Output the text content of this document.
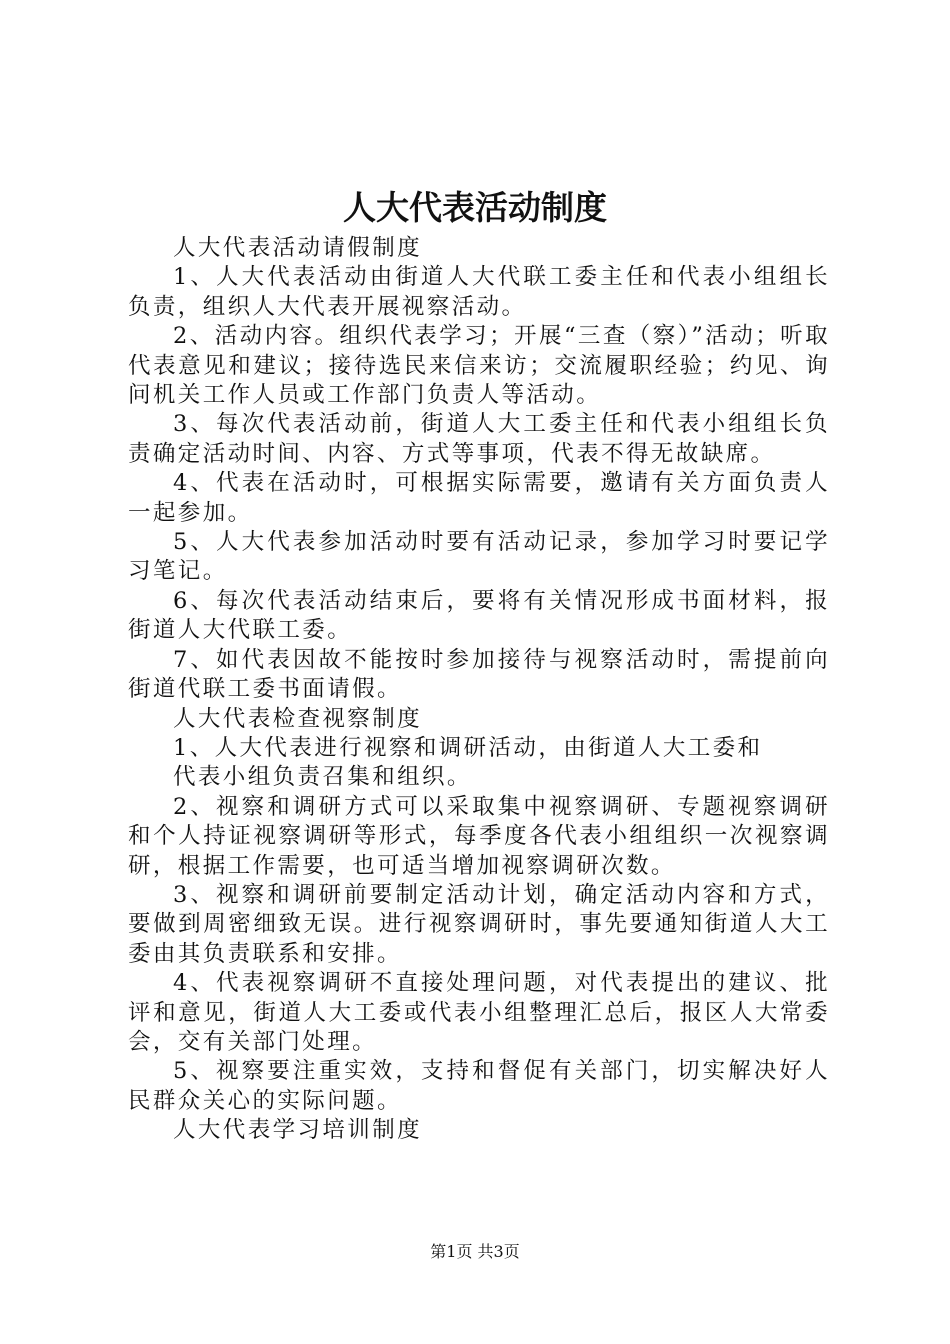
人大代表活动制度

人大代表活动请假制度

1、人大代表活动由街道人大代联工委主任和代表小组组长负责，组织人大代表开展视察活动。

2、活动内容。组织代表学习；开展“三查（察）”活动；听取代表意见和建议；接待选民来信来访；交流履职经验；约见、询问机关工作人员或工作部门负责人等活动。

3、每次代表活动前，街道人大工委主任和代表小组组长负责确定活动时间、内容、方式等事项，代表不得无故缺席。

4、代表在活动时，可根据实际需要，邀请有关方面负责人一起参加。

5、人大代表参加活动时要有活动记录，参加学习时要记学习笔记。

6、每次代表活动结束后，要将有关情况形成书面材料，报街道人大代联工委。

7、如代表因故不能按时参加接待与视察活动时，需提前向街道代联工委书面请假。

人大代表检查视察制度

1、人大代表进行视察和调研活动，由街道人大工委和

代表小组负责召集和组织。

2、视察和调研方式可以采取集中视察调研、专题视察调研和个人持证视察调研等形式，每季度各代表小组组织一次视察调研，根据工作需要，也可适当增加视察调研次数。

3、视察和调研前要制定活动计划，确定活动内容和方式，要做到周密细致无误。进行视察调研时，事先要通知街道人大工委由其负责联系和安排。

4、代表视察调研不直接处理问题，对代表提出的建议、批评和意见，街道人大工委或代表小组整理汇总后，报区人大常委会，交有关部门处理。

5、视察要注重实效，支持和督促有关部门，切实解决好人民群众关心的实际问题。

人大代表学习培训制度

第1页 共3页
